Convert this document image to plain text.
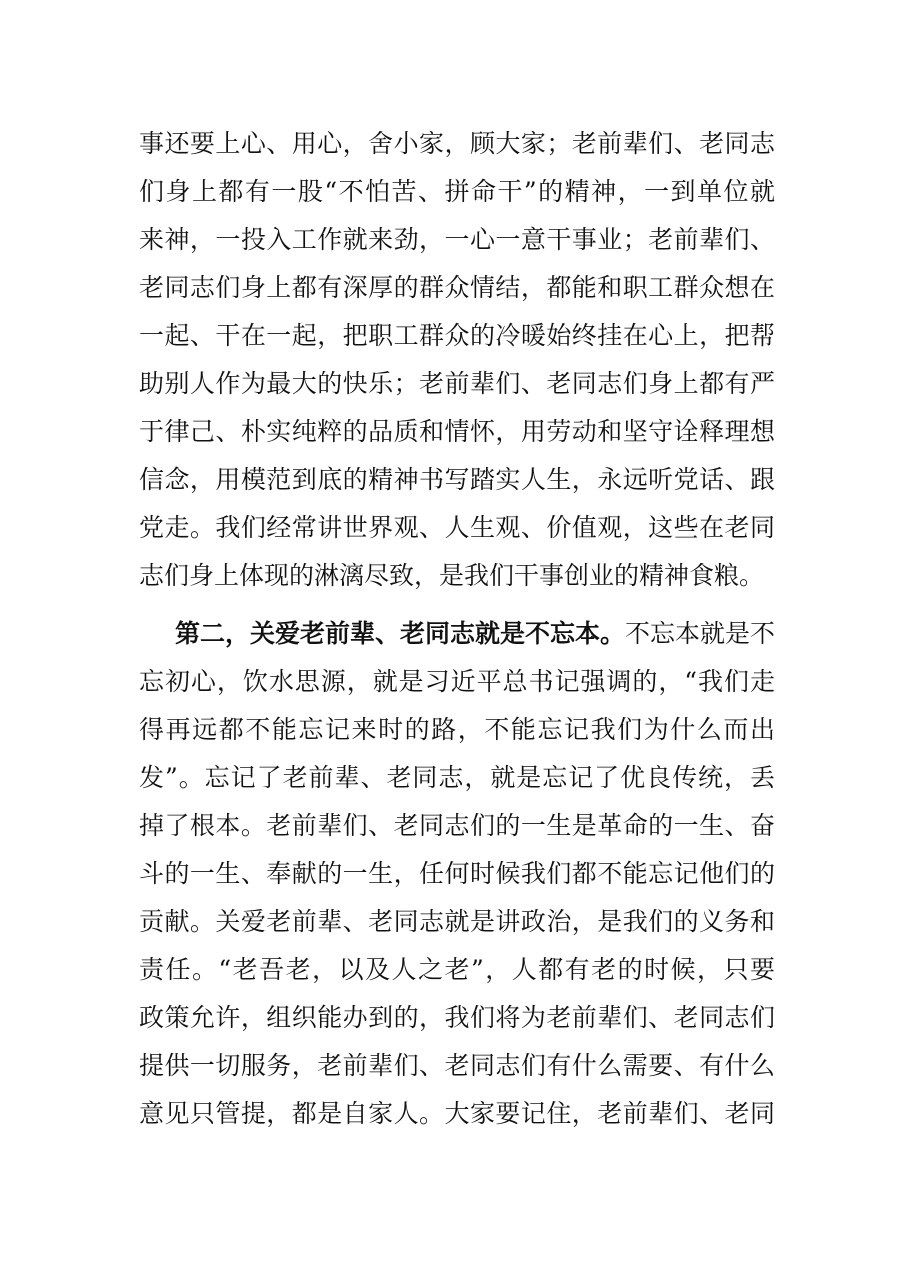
事还要上心、用心，舍小家，顾大家；老前辈们、老同志
们身上都有一股“不怕苦、拼命干”的精神，一到单位就
来神，一投入工作就来劲，一心一意干事业；老前辈们、
老同志们身上都有深厚的群众情结，都能和职工群众想在
一起、干在一起，把职工群众的冷暖始终挂在心上，把帮
助别人作为最大的快乐；老前辈们、老同志们身上都有严
于律己、朴实纯粹的品质和情怀，用劳动和坚守诠释理想
信念，用模范到底的精神书写踏实人生，永远听党话、跟
党走。我们经常讲世界观、人生观、价值观，这些在老同
志们身上体现的淋漓尽致，是我们干事创业的精神食粮。
第二，关爱老前辈、老同志就是不忘本。不忘本就是不
忘初心，饮水思源，就是习近平总书记强调的，“我们走
得再远都不能忘记来时的路，不能忘记我们为什么而出
发”。忘记了老前辈、老同志，就是忘记了优良传统，丢
掉了根本。老前辈们、老同志们的一生是革命的一生、奋
斗的一生、奉献的一生，任何时候我们都不能忘记他们的
贡献。关爱老前辈、老同志就是讲政治，是我们的义务和
责任。“老吾老，以及人之老”，人都有老的时候，只要
政策允许，组织能办到的，我们将为老前辈们、老同志们
提供一切服务，老前辈们、老同志们有什么需要、有什么
意见只管提，都是自家人。大家要记住，老前辈们、老同
